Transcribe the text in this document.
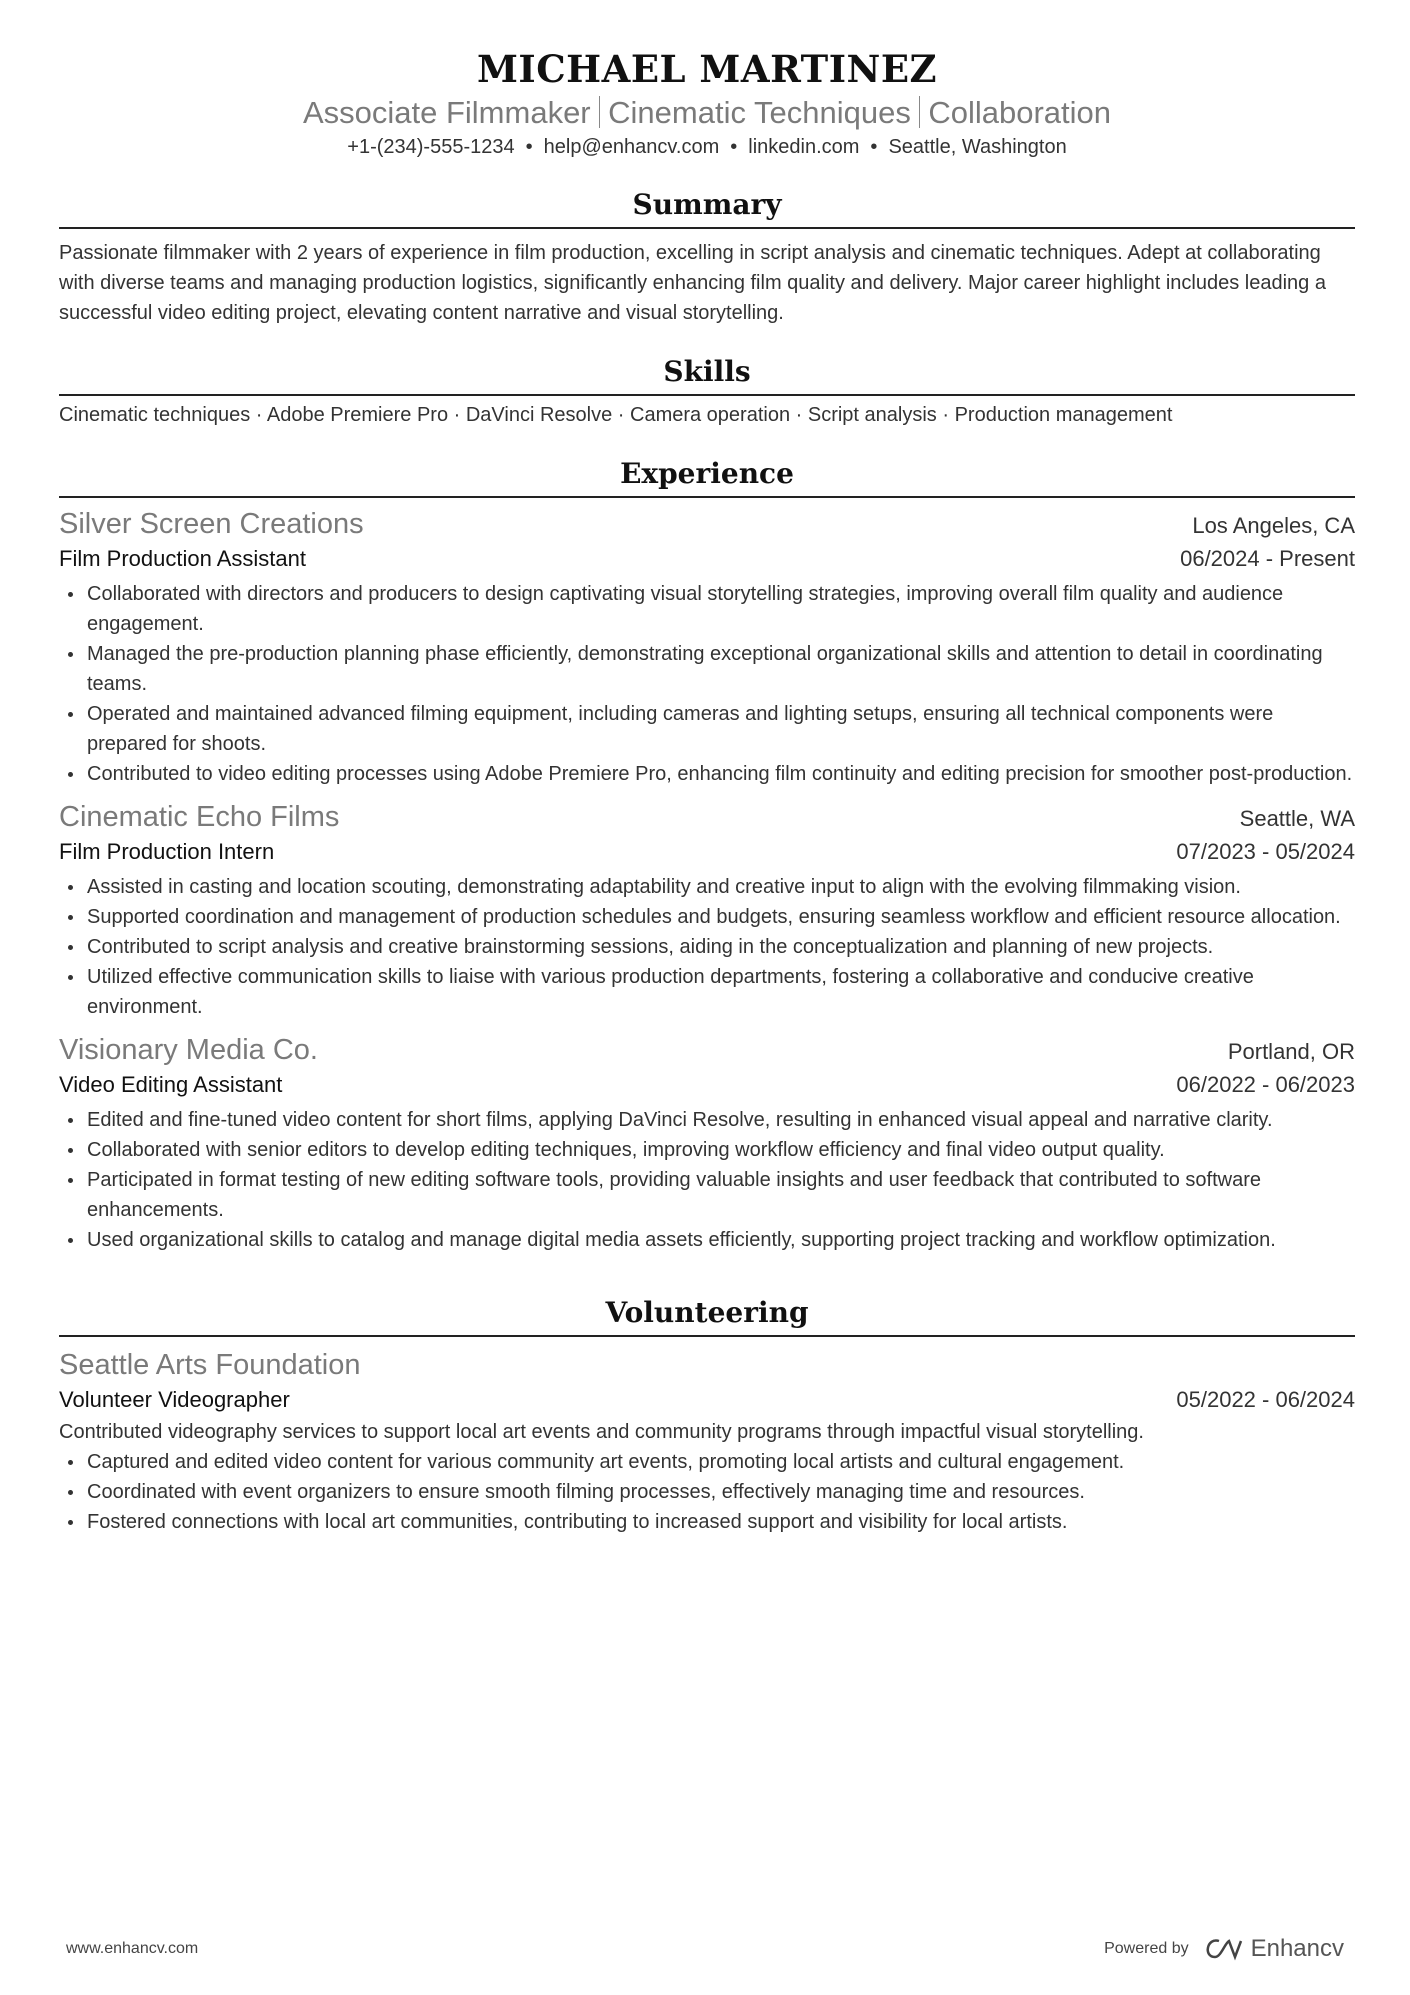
MICHAEL MARTINEZ
Associate Filmmaker Cinematic Techniques Collaboration
+1-(234)-555-1234 • help@enhancv.com • linkedin.com • Seattle, Washington
Summary
Passionate filmmaker with 2 years of experience in film production, excelling in script analysis and cinematic techniques. Adept at collaborating with diverse teams and managing production logistics, significantly enhancing film quality and delivery. Major career highlight includes leading a successful video editing project, elevating content narrative and visual storytelling.
Skills
Cinematic techniques · Adobe Premiere Pro · DaVinci Resolve · Camera operation · Script analysis · Production management
Experience
Silver Screen Creations	Los Angeles, CA
Film Production Assistant	06/2024 - Present
Collaborated with directors and producers to design captivating visual storytelling strategies, improving overall film quality and audience engagement.
Managed the pre-production planning phase efficiently, demonstrating exceptional organizational skills and attention to detail in coordinating teams.
Operated and maintained advanced filming equipment, including cameras and lighting setups, ensuring all technical components were prepared for shoots.
Contributed to video editing processes using Adobe Premiere Pro, enhancing film continuity and editing precision for smoother post-production.
Cinematic Echo Films	Seattle, WA
Film Production Intern	07/2023 - 05/2024
Assisted in casting and location scouting, demonstrating adaptability and creative input to align with the evolving filmmaking vision.
Supported coordination and management of production schedules and budgets, ensuring seamless workflow and efficient resource allocation.
Contributed to script analysis and creative brainstorming sessions, aiding in the conceptualization and planning of new projects.
Utilized effective communication skills to liaise with various production departments, fostering a collaborative and conducive creative environment.
Visionary Media Co.	Portland, OR
Video Editing Assistant	06/2022 - 06/2023
Edited and fine-tuned video content for short films, applying DaVinci Resolve, resulting in enhanced visual appeal and narrative clarity.
Collaborated with senior editors to develop editing techniques, improving workflow efficiency and final video output quality.
Participated in format testing of new editing software tools, providing valuable insights and user feedback that contributed to software enhancements.
Used organizational skills to catalog and manage digital media assets efficiently, supporting project tracking and workflow optimization.
Volunteering
Seattle Arts Foundation
Volunteer Videographer	05/2022 - 06/2024
Contributed videography services to support local art events and community programs through impactful visual storytelling.
Captured and edited video content for various community art events, promoting local artists and cultural engagement.
Coordinated with event organizers to ensure smooth filming processes, effectively managing time and resources.
Fostered connections with local art communities, contributing to increased support and visibility for local artists.
www.enhancv.com	Powered by	Enhancv
